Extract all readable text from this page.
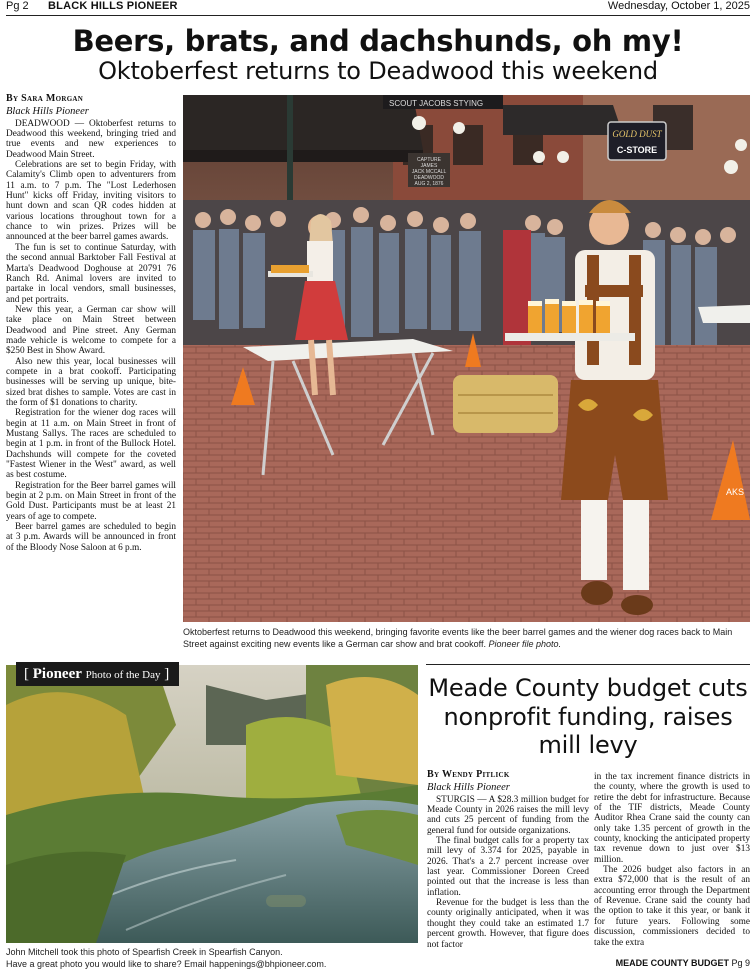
Pg 2 BLACK HILLS PIONEER	Wednesday, October 1, 2025
Beers, brats, and dachshunds, oh my!
Oktoberfest returns to Deadwood this weekend
By Sara Morgan
Black Hills Pioneer

DEADWOOD — Oktoberfest returns to Deadwood this weekend, bringing tried and true events and new experiences to Deadwood Main Street.

Celebrations are set to begin Friday, with Calamity's Climb open to adventurers from 11 a.m. to 7 p.m. The "Lost Lederhosen Hunt" kicks off Friday, inviting visitors to hunt down and scan QR codes hidden at various locations throughout town for a chance to win prizes. Prizes will be announced at the beer barrel games awards.

The fun is set to continue Saturday, with the second annual Barktober Fall Festival at Marta's Deadwood Doghouse at 20791 76 Ranch Rd. Animal lovers are invited to partake in local vendors, small businesses, and pet portraits.

New this year, a German car show will take place on Main Street between Deadwood and Pine street. Any German made vehicle is welcome to compete for a $250 Best in Show Award.

Also new this year, local businesses will compete in a brat cookoff. Participating businesses will be serving up unique, bite-sized brat dishes to sample. Votes are cast in the form of $1 donations to charity.

Registration for the wiener dog races will begin at 11 a.m. on Main Street in front of Mustang Sallys. The races are scheduled to begin at 1 p.m. in front of the Bullock Hotel. Dachshunds will compete for the coveted "Fastest Wiener in the West" award, as well as best costume.

Registration for the Beer barrel games will begin at 2 p.m. on Main Street in front of the Gold Dust. Participants must be at least 21 years of age to compete.

Beer barrel games are scheduled to begin at 3 p.m. Awards will be announced in front of the Bloody Nose Saloon at 6 p.m.

SCOUT JACOBS STYING
GOLD DUST
C-STORE
CAPTURE
JAMES
JACK MCCALL
DEADWOOD
AUG 2, 1876
AKS
Oktoberfest returns to Deadwood this weekend, bringing favorite events like the beer barrel games and the wiener dog races back to Main Street against exciting new events like a German car show and brat cookoff. Pioneer file photo.
[ Pioneer Photo of the Day ]
John Mitchell took this photo of Spearfish Creek in Spearfish Canyon.
Have a great photo you would like to share? Email happenings@bhpioneer.com.
Meade County budget cuts nonprofit funding, raises mill levy
By Wendy Pitlick
Black Hills Pioneer

STURGIS — A $28.3 million budget for Meade County in 2026 raises the mill levy and cuts 25 percent of funding from the general fund for outside organizations.

The final budget calls for a property tax mill levy of 3.374 for 2025, payable in 2026. That's a 2.7 percent increase over last year. Commissioner Doreen Creed pointed out that the increase is less than inflation.

Revenue for the budget is less than the county originally anticipated, when it was thought they could take an estimated 1.7 percent growth. However, that figure does not factor

in the tax increment finance districts in the county, where the growth is used to retire the debt for infrastructure. Because of the TIF districts, Meade County Auditor Rhea Crane said the county can only take 1.35 percent of growth in the county, knocking the anticipated property tax revenue down to just over $13 million.

The 2026 budget also factors in an extra $72,000 that is the result of an accounting error through the Department of Revenue. Crane said the county had the option to take it this year, or bank it for future years. Following some discussion, commissioners decided to take the extra

MEADE COUNTY BUDGET Pg 9
